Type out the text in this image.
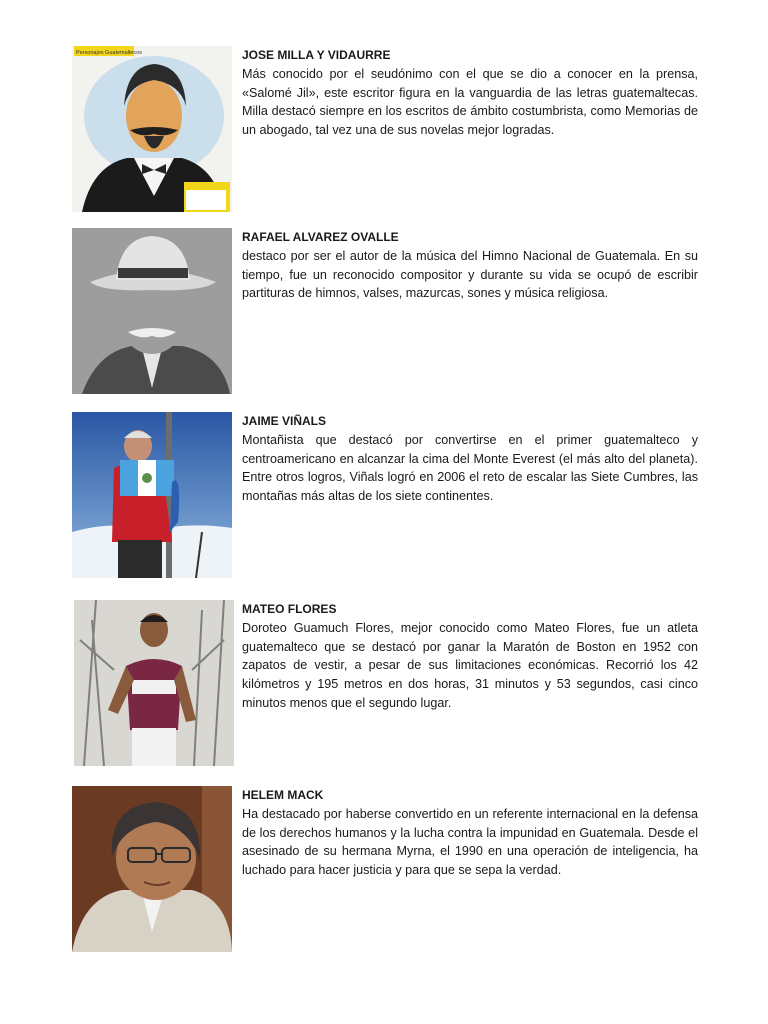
Personajes Guatemaltecos	JOSE MILLA Y VIDAURRE

Más conocido por el seudónimo con el que se dio a conocer en la prensa, «Salomé Jil», este escritor figura en la vanguardia de las letras guatemaltecas. Milla destacó siempre en los escritos de ámbito costumbrista, como Memorias de un abogado, tal vez una de sus novelas mejor logradas.

RAFAEL ALVAREZ OVALLE

destaco por ser el autor de la música del Himno Nacional de Guatemala. En su tiempo, fue un reconocido compositor y durante su vida se ocupó de escribir partituras de himnos, valses, mazurcas, sones y música religiosa.

JAIME VIÑALS

Montañista que destacó por convertirse en el primer guatemalteco y centroamericano en alcanzar la cima del Monte Everest (el más alto del planeta). Entre otros logros, Viñals logró en 2006 el reto de escalar las Siete Cumbres, las montañas más altas de los siete continentes.

MATEO FLORES

Doroteo Guamuch Flores, mejor conocido como Mateo Flores, fue un atleta guatemalteco que se destacó por ganar la Maratón de Boston en 1952 con zapatos de vestir, a pesar de sus limitaciones económicas. Recorrió los 42 kilómetros y 195 metros en dos horas, 31 minutos y 53 segundos, casi cinco minutos menos que el segundo lugar.

HELEM MACK

Ha destacado por haberse convertido en un referente internacional en la defensa de los derechos humanos y la lucha contra la impunidad en Guatemala. Desde el asesinado de su hermana Myrna, el 1990 en una operación de inteligencia, ha luchado para hacer justicia y para que se sepa la verdad.
